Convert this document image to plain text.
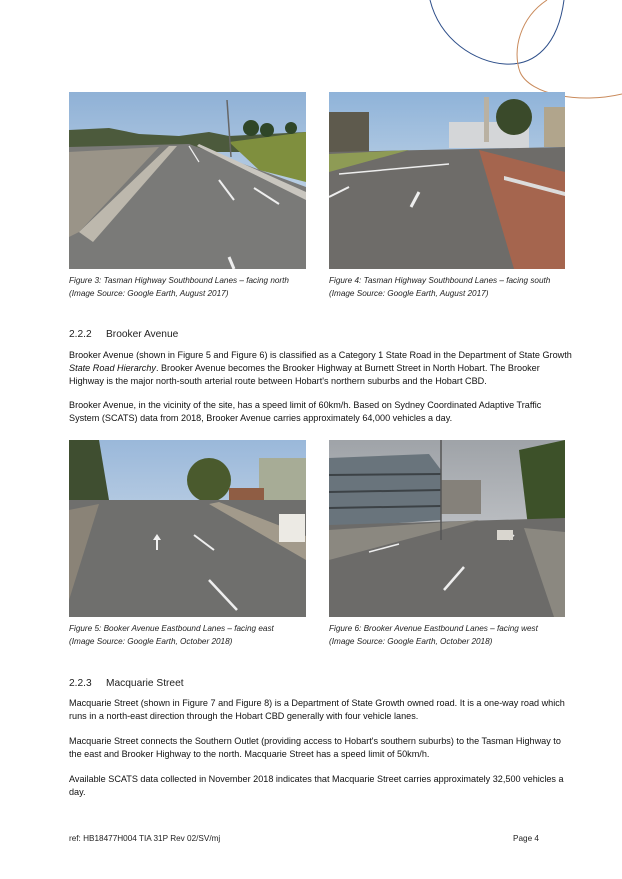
Figure 3: Tasman Highway Southbound Lanes – facing north
(Image Source: Google Earth, August 2017)
Figure 4: Tasman Highway Southbound Lanes – facing south
(Image Source: Google Earth, August 2017)
2.2.2 Brooker Avenue

Brooker Avenue (shown in Figure 5 and Figure 6) is classified as a Category 1 State Road in the Department of State Growth State Road Hierarchy. Brooker Avenue becomes the Brooker Highway at Burnett Street in North Hobart. The Brooker Highway is the major north-south arterial route between Hobart's northern suburbs and the Hobart CBD.

Brooker Avenue, in the vicinity of the site, has a speed limit of 60km/h. Based on Sydney Coordinated Adaptive Traffic System (SCATS) data from 2018, Brooker Avenue carries approximately 64,000 vehicles a day.

Figure 5: Booker Avenue Eastbound Lanes – facing east
(Image Source: Google Earth, October 2018)
Figure 6: Brooker Avenue Eastbound Lanes – facing west
(Image Source: Google Earth, October 2018)
2.2.3 Macquarie Street

Macquarie Street (shown in Figure 7 and Figure 8) is a Department of State Growth owned road. It is a one-way road which runs in a north-east direction through the Hobart CBD generally with four vehicle lanes.

Macquarie Street connects the Southern Outlet (providing access to Hobart's southern suburbs) to the Tasman Highway to the east and Brooker Highway to the north. Macquarie Street has a speed limit of 50km/h.

Available SCATS data collected in November 2018 indicates that Macquarie Street carries approximately 32,500 vehicles a day.

ref: HB18477H004 TIA 31P Rev 02/SV/mj	Page 4
